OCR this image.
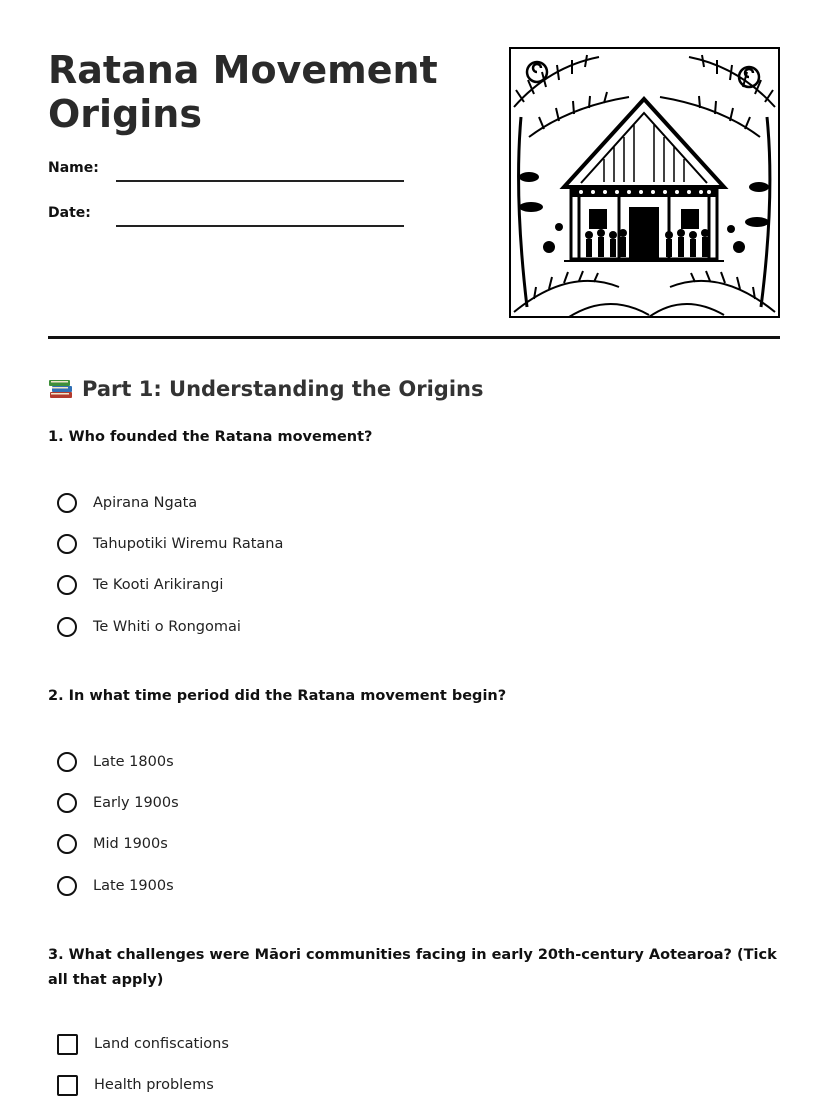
Ratana Movement Origins
Name:
Date:
Part 1: Understanding the Origins

1. Who founded the Ratana movement?

Apirana Ngata
Tahupotiki Wiremu Ratana
Te Kooti Arikirangi
Te Whiti o Rongomai

2. In what time period did the Ratana movement begin?

Late 1800s
Early 1900s
Mid 1900s
Late 1900s

3. What challenges were Māori communities facing in early 20th-century Aotearoa? (Tick all that apply)

Land confiscations
Health problems
